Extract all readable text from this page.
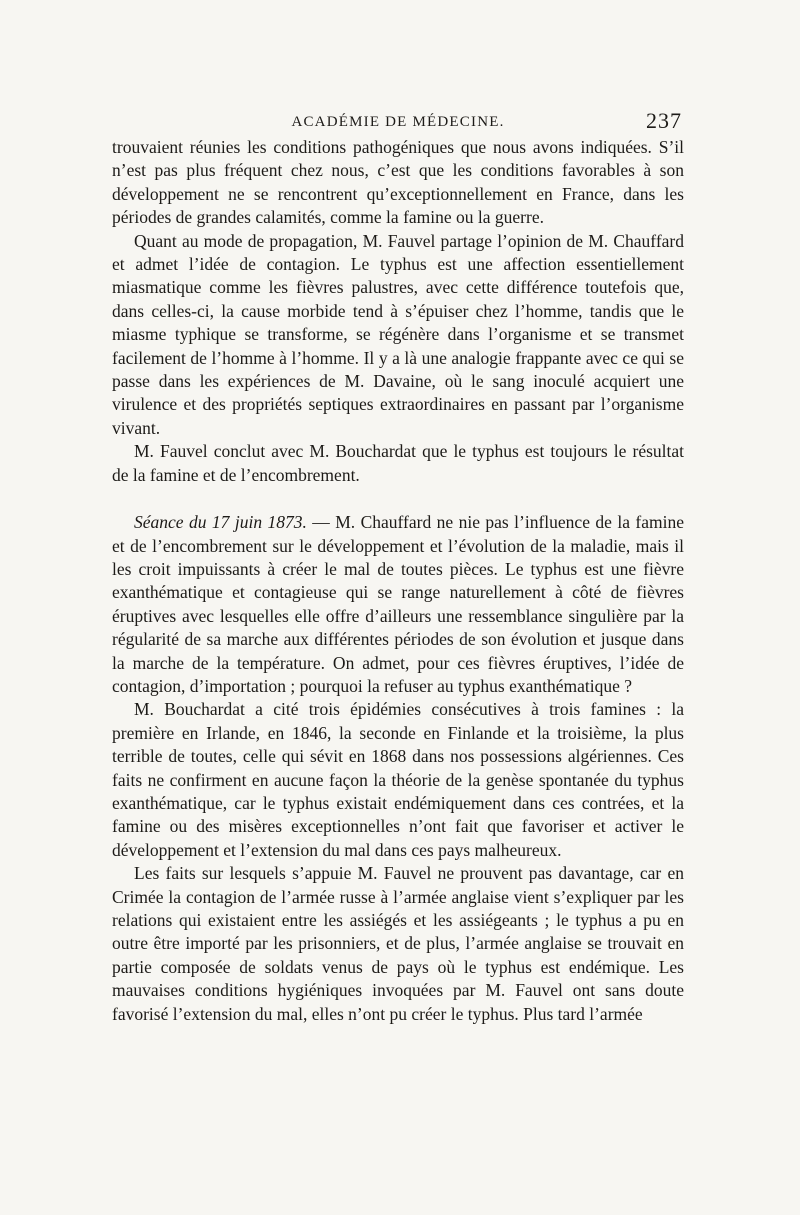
ACADÉMIE DE MÉDECINE.	237

trouvaient réunies les conditions pathogéniques que nous avons indiquées. S’il n’est pas plus fréquent chez nous, c’est que les conditions favorables à son développement ne se rencontrent qu’exceptionnellement en France, dans les périodes de grandes calamités, comme la famine ou la guerre.

Quant au mode de propagation, M. Fauvel partage l’opinion de M. Chauffard et admet l’idée de contagion. Le typhus est une affection essentiellement miasmatique comme les fièvres palustres, avec cette différence toutefois que, dans celles-ci, la cause morbide tend à s’épuiser chez l’homme, tandis que le miasme typhique se transforme, se régénère dans l’organisme et se transmet facilement de l’homme à l’homme. Il y a là une analogie frappante avec ce qui se passe dans les expériences de M. Davaine, où le sang inoculé acquiert une virulence et des propriétés septiques extraordinaires en passant par l’organisme vivant.

M. Fauvel conclut avec M. Bouchardat que le typhus est toujours le résultat de la famine et de l’encombrement.

Séance du 17 juin 1873. — M. Chauffard ne nie pas l’influence de la famine et de l’encombrement sur le développement et l’évolution de la maladie, mais il les croit impuissants à créer le mal de toutes pièces. Le typhus est une fièvre exanthématique et contagieuse qui se range naturellement à côté de fièvres éruptives avec lesquelles elle offre d’ailleurs une ressemblance singulière par la régularité de sa marche aux différentes périodes de son évolution et jusque dans la marche de la température. On admet, pour ces fièvres éruptives, l’idée de contagion, d’importation ; pourquoi la refuser au typhus exanthématique ?

M. Bouchardat a cité trois épidémies consécutives à trois famines : la première en Irlande, en 1846, la seconde en Finlande et la troisième, la plus terrible de toutes, celle qui sévit en 1868 dans nos possessions algériennes. Ces faits ne confirment en aucune façon la théorie de la genèse spontanée du typhus exanthématique, car le typhus existait endémiquement dans ces contrées, et la famine ou des misères exceptionnelles n’ont fait que favoriser et activer le développement et l’extension du mal dans ces pays malheureux.

Les faits sur lesquels s’appuie M. Fauvel ne prouvent pas davantage, car en Crimée la contagion de l’armée russe à l’armée anglaise vient s’expliquer par les relations qui existaient entre les assiégés et les assiégeants ; le typhus a pu en outre être importé par les prisonniers, et de plus, l’armée anglaise se trouvait en partie composée de soldats venus de pays où le typhus est endémique. Les mauvaises conditions hygiéniques invoquées par M. Fauvel ont sans doute favorisé l’extension du mal, elles n’ont pu créer le typhus. Plus tard l’armée
